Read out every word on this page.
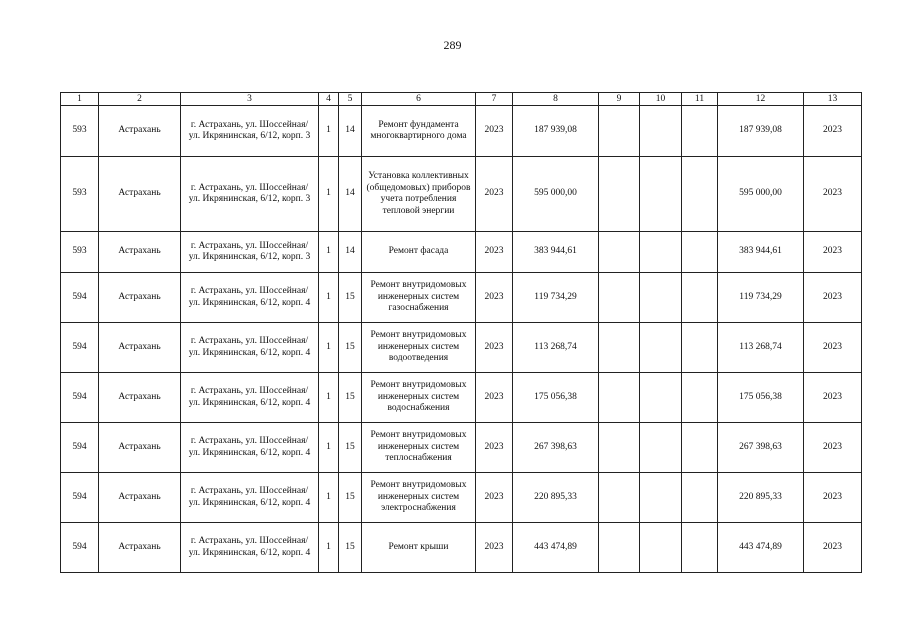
289
1	2	3	4	5	6	7	8	9	10	11	12	13
593	Астрахань	г. Астрахань, ул. Шоссейная/ ул. Икрянинская, 6/12, корп. 3	1	14	Ремонт фундамента многоквартирного дома	2023	187 939,08				187 939,08	2023
593	Астрахань	г. Астрахань, ул. Шоссейная/ ул. Икрянинская, 6/12, корп. 3	1	14	Установка коллективных (общедомовых) приборов учета потребления тепловой энергии	2023	595 000,00				595 000,00	2023
593	Астрахань	г. Астрахань, ул. Шоссейная/ ул. Икрянинская, 6/12, корп. 3	1	14	Ремонт фасада	2023	383 944,61				383 944,61	2023
594	Астрахань	г. Астрахань, ул. Шоссейная/ ул. Икрянинская, 6/12, корп. 4	1	15	Ремонт внутридомовых инженерных систем газоснабжения	2023	119 734,29				119 734,29	2023
594	Астрахань	г. Астрахань, ул. Шоссейная/ ул. Икрянинская, 6/12, корп. 4	1	15	Ремонт внутридомовых инженерных систем водоотведения	2023	113 268,74				113 268,74	2023
594	Астрахань	г. Астрахань, ул. Шоссейная/ ул. Икрянинская, 6/12, корп. 4	1	15	Ремонт внутридомовых инженерных систем водоснабжения	2023	175 056,38				175 056,38	2023
594	Астрахань	г. Астрахань, ул. Шоссейная/ ул. Икрянинская, 6/12, корп. 4	1	15	Ремонт внутридомовых инженерных систем теплоснабжения	2023	267 398,63				267 398,63	2023
594	Астрахань	г. Астрахань, ул. Шоссейная/ ул. Икрянинская, 6/12, корп. 4	1	15	Ремонт внутридомовых инженерных систем электроснабжения	2023	220 895,33				220 895,33	2023
594	Астрахань	г. Астрахань, ул. Шоссейная/ ул. Икрянинская, 6/12, корп. 4	1	15	Ремонт крыши	2023	443 474,89				443 474,89	2023
